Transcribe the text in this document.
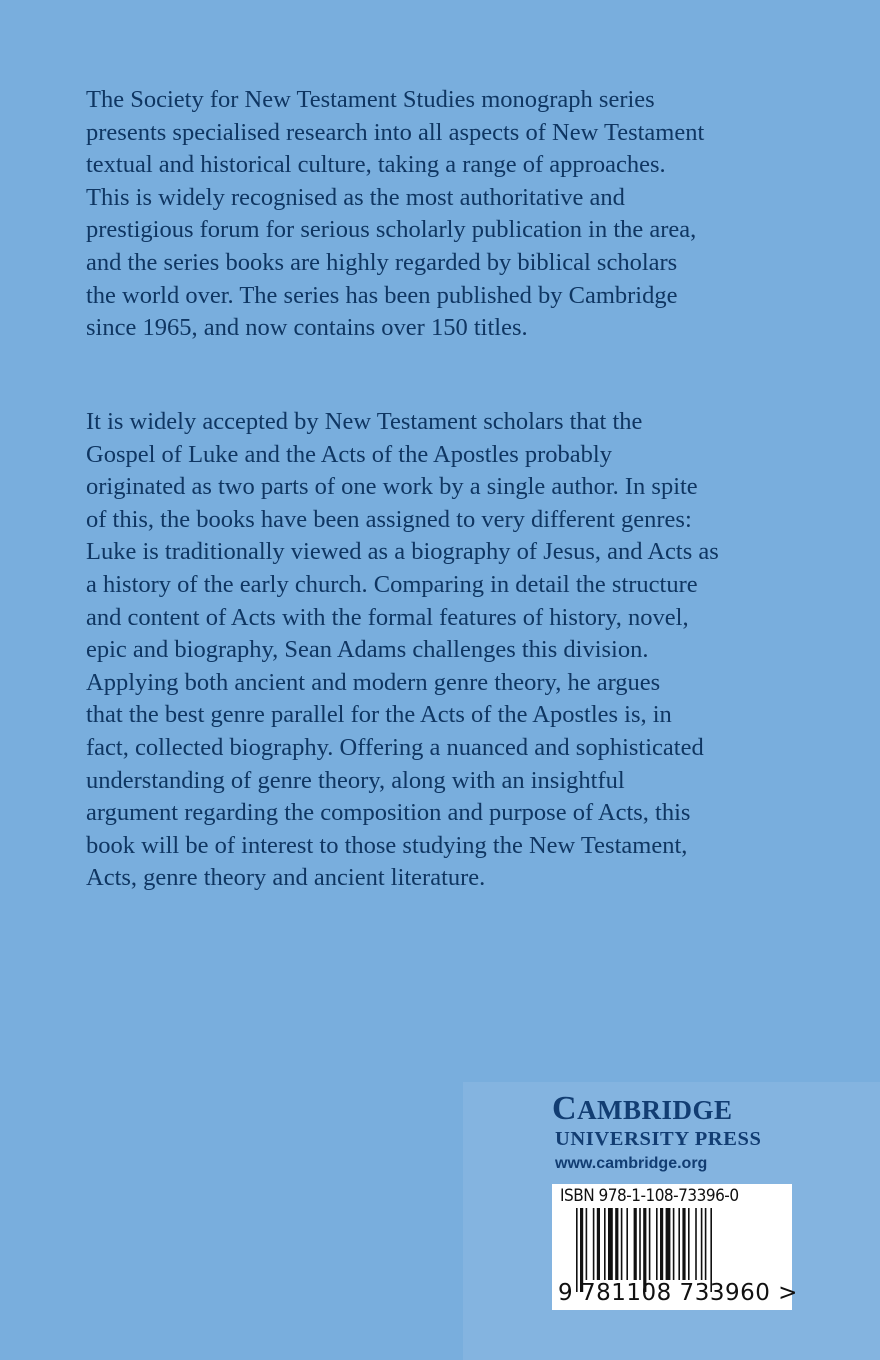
The Society for New Testament Studies monograph series
presents specialised research into all aspects of New Testament
textual and historical culture, taking a range of approaches.
This is widely recognised as the most authoritative and
prestigious forum for serious scholarly publication in the area,
and the series books are highly regarded by biblical scholars
the world over. The series has been published by Cambridge
since 1965, and now contains over 150 titles.
It is widely accepted by New Testament scholars that the
Gospel of Luke and the Acts of the Apostles probably
originated as two parts of one work by a single author. In spite
of this, the books have been assigned to very different genres:
Luke is traditionally viewed as a biography of Jesus, and Acts as
a history of the early church. Comparing in detail the structure
and content of Acts with the formal features of history, novel,
epic and biography, Sean Adams challenges this division.
Applying both ancient and modern genre theory, he argues
that the best genre parallel for the Acts of the Apostles is, in
fact, collected biography. Offering a nuanced and sophisticated
understanding of genre theory, along with an insightful
argument regarding the composition and purpose of Acts, this
book will be of interest to those studying the New Testament,
Acts, genre theory and ancient literature.
CAMBRIDGE
UNIVERSITY PRESS
www.cambridge.org
ISBN 978-1-108-73396-0
9 781108 733960 >
